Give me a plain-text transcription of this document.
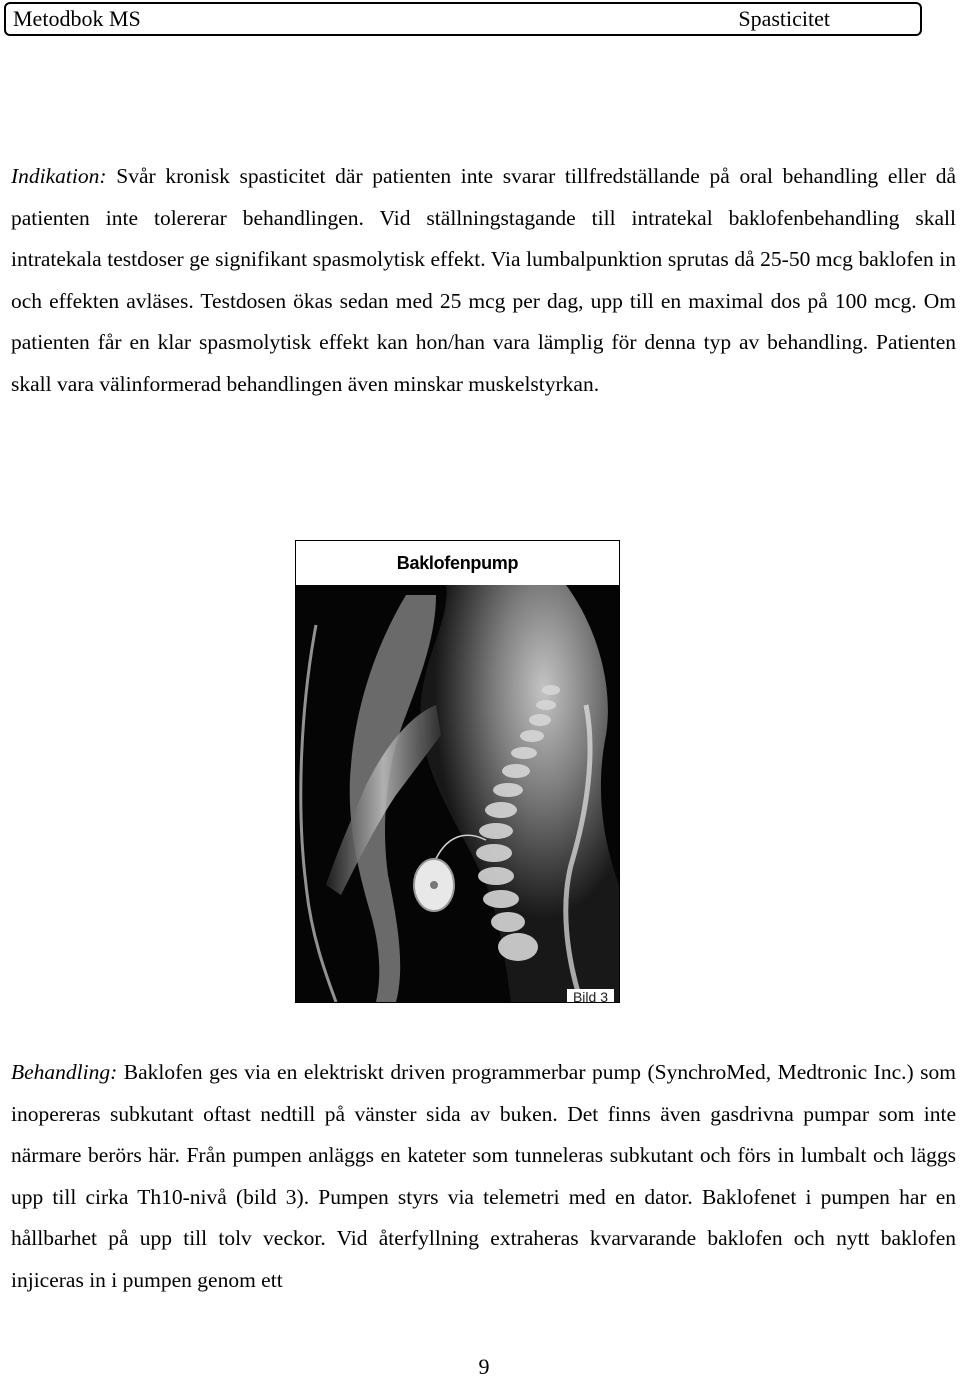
Metodbok MS	Spasticitet

Indikation: Svår kronisk spasticitet där patienten inte svarar tillfredställande på oral behandling eller då patienten inte tolererar behandlingen. Vid ställningstagande till intratekal baklofenbehandling skall intratekala testdoser ge signifikant spasmolytisk effekt. Via lumbalpunktion sprutas då 25-50 mcg baklofen in och effekten avläses. Testdosen ökas sedan med 25 mcg per dag, upp till en maximal dos på 100 mcg. Om patienten får en klar spasmolytisk effekt kan hon/han vara lämplig för denna typ av behandling. Patienten skall vara välinformerad behandlingen även minskar muskelstyrkan.

Baklofenpump
Bild 3

Behandling: Baklofen ges via en elektriskt driven programmerbar pump (SynchroMed, Medtronic Inc.) som inopereras subkutant oftast nedtill på vänster sida av buken. Det finns även gasdrivna pumpar som inte närmare berörs här. Från pumpen anläggs en kateter som tunneleras subkutant och förs in lumbalt och läggs upp till cirka Th10-nivå (bild 3). Pumpen styrs via telemetri med en dator. Baklofenet i pumpen har en hållbarhet på upp till tolv veckor. Vid återfyllning extraheras kvarvarande baklofen och nytt baklofen injiceras in i pumpen genom ett

9
